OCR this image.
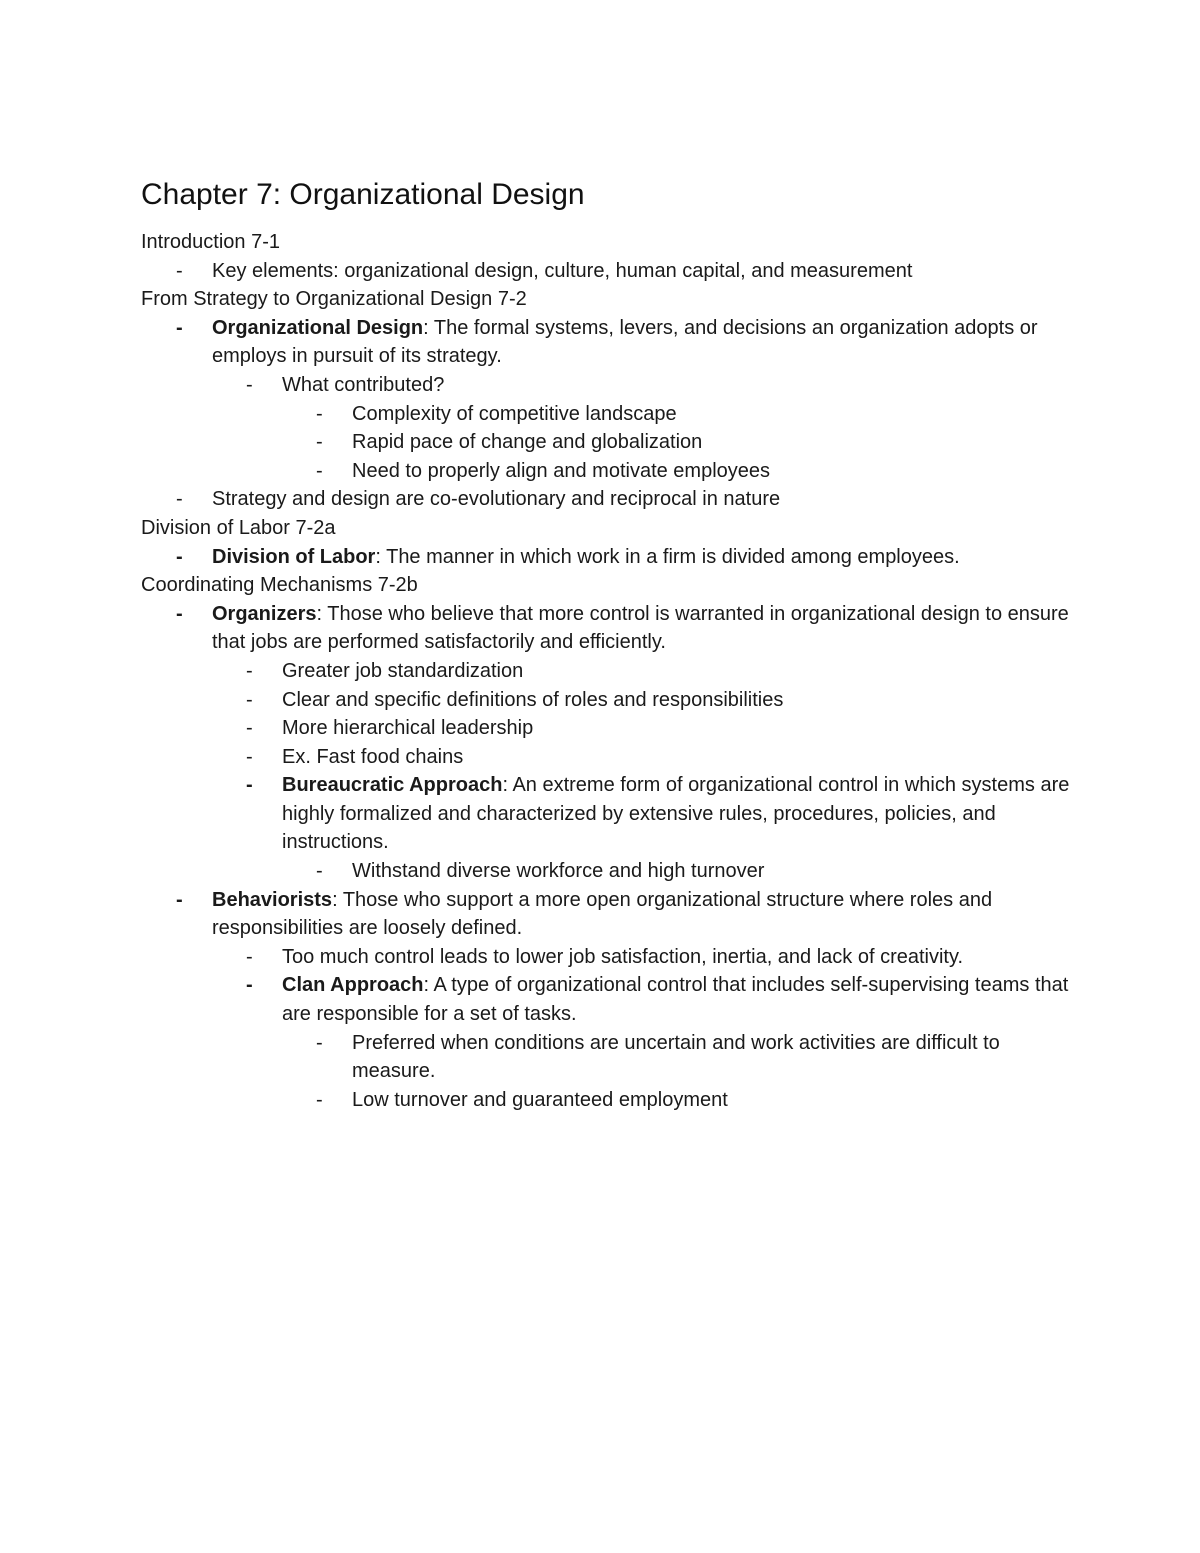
Chapter 7: Organizational Design
Introduction 7-1
- Key elements: organizational design, culture, human capital, and measurement
From Strategy to Organizational Design 7-2
- Organizational Design: The formal systems, levers, and decisions an organization adopts or employs in pursuit of its strategy.
- What contributed?
- Complexity of competitive landscape
- Rapid pace of change and globalization
- Need to properly align and motivate employees
- Strategy and design are co-evolutionary and reciprocal in nature
Division of Labor 7-2a
- Division of Labor: The manner in which work in a firm is divided among employees.
Coordinating Mechanisms 7-2b
- Organizers: Those who believe that more control is warranted in organizational design to ensure that jobs are performed satisfactorily and efficiently.
- Greater job standardization
- Clear and specific definitions of roles and responsibilities
- More hierarchical leadership
- Ex. Fast food chains
- Bureaucratic Approach: An extreme form of organizational control in which systems are highly formalized and characterized by extensive rules, procedures, policies, and instructions.
- Withstand diverse workforce and high turnover
- Behaviorists: Those who support a more open organizational structure where roles and responsibilities are loosely defined.
- Too much control leads to lower job satisfaction, inertia, and lack of creativity.
- Clan Approach: A type of organizational control that includes self-supervising teams that are responsible for a set of tasks.
- Preferred when conditions are uncertain and work activities are difficult to measure.
- Low turnover and guaranteed employment
